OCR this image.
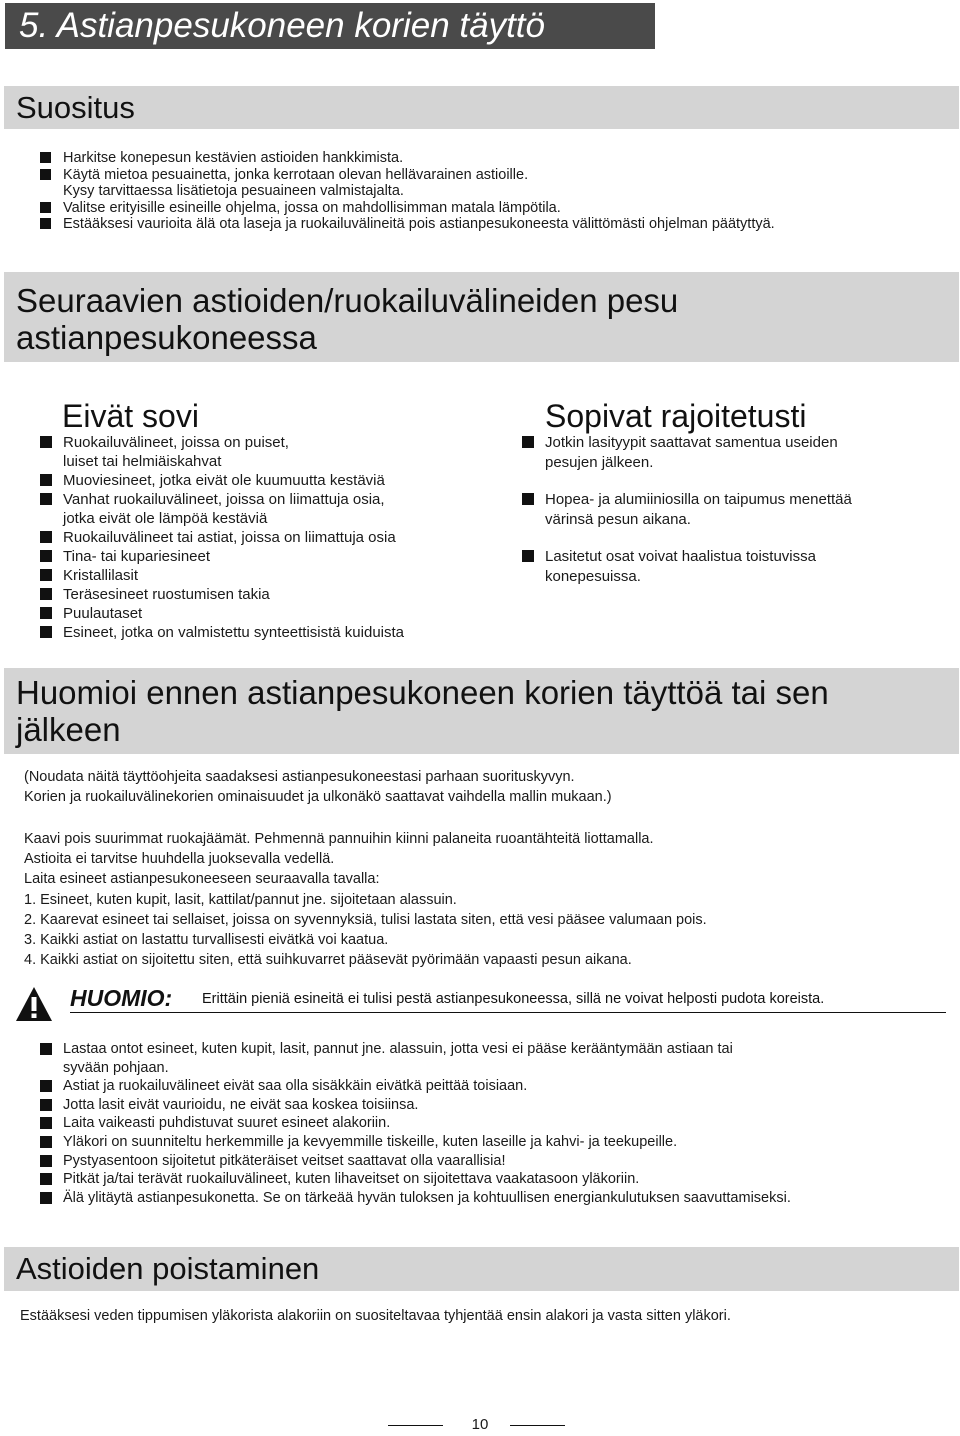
5. Astianpesukoneen korien täyttö
Suositus
Harkitse konepesun kestävien astioiden hankkimista.
Käytä mietoa pesuainetta, jonka kerrotaan olevan hellävarainen astioille.
Kysy tarvittaessa lisätietoja pesuaineen valmistajalta.
Valitse erityisille esineille ohjelma, jossa on mahdollisimman matala lämpötila.
Estääksesi vaurioita älä ota laseja ja ruokailuvälineitä pois astianpesukoneesta välittömästi ohjelman päätyttyä.
Seuraavien astioiden/ruokailuvälineiden pesu
astianpesukoneessa
Eivät sovi
Ruokailuvälineet, joissa on puiset,
luiset tai helmiäiskahvat
Muoviesineet, jotka eivät ole kuumuutta kestäviä
Vanhat ruokailuvälineet, joissa on liimattuja osia,
jotka eivät ole lämpöä kestäviä
Ruokailuvälineet tai astiat, joissa on liimattuja osia
Tina- tai kupariesineet
Kristallilasit
Teräsesineet ruostumisen takia
Puulautaset
Esineet, jotka on valmistettu synteettisistä kuiduista
Sopivat rajoitetusti
Jotkin lasityypit saattavat samentua useiden
pesujen jälkeen.
Hopea- ja alumiiniosilla on taipumus menettää
värinsä pesun aikana.
Lasitetut osat voivat haalistua toistuvissa
konepesuissa.
Huomioi ennen astianpesukoneen korien täyttöä tai sen
jälkeen
(Noudata näitä täyttöohjeita saadaksesi astianpesukoneestasi parhaan suorituskyvyn.
Korien ja ruokailuvälinekorien ominaisuudet ja ulkonäkö saattavat vaihdella mallin mukaan.)
Kaavi pois suurimmat ruokajäämät. Pehmennä pannuihin kiinni palaneita ruoantähteitä liottamalla.
Astioita ei tarvitse huuhdella juoksevalla vedellä.
Laita esineet astianpesukoneeseen seuraavalla tavalla:
1. Esineet, kuten kupit, lasit, kattilat/pannut jne. sijoitetaan alassuin.
2. Kaarevat esineet tai sellaiset, joissa on syvennyksiä, tulisi lastata siten, että vesi pääsee valumaan pois.
3. Kaikki astiat on lastattu turvallisesti eivätkä voi kaatua.
4. Kaikki astiat on sijoitettu siten, että suihkuvarret pääsevät pyörimään vapaasti pesun aikana.
HUOMIO: Erittäin pieniä esineitä ei tulisi pestä astianpesukoneessa, sillä ne voivat helposti pudota koreista.
Lastaa ontot esineet, kuten kupit, lasit, pannut jne. alassuin, jotta vesi ei pääse kerääntymään astiaan tai
syvään pohjaan.
Astiat ja ruokailuvälineet eivät saa olla sisäkkäin eivätkä peittää toisiaan.
Jotta lasit eivät vaurioidu, ne eivät saa koskea toisiinsa.
Laita vaikeasti puhdistuvat suuret esineet alakoriin.
Yläkori on suunniteltu herkemmille ja kevyemmille tiskeille, kuten laseille ja kahvi- ja teekupeille.
Pystyasentoon sijoitetut pitkäteräiset veitset saattavat olla vaarallisia!
Pitkät ja/tai terävät ruokailuvälineet, kuten lihaveitset on sijoitettava vaakatasoon yläkoriin.
Älä ylitäytä astianpesukonetta. Se on tärkeää hyvän tuloksen ja kohtuullisen energiankulutuksen saavuttamiseksi.
Astioiden poistaminen
Estääksesi veden tippumisen yläkorista alakoriin on suositeltavaa tyhjentää ensin alakori ja vasta sitten yläkori.
10
